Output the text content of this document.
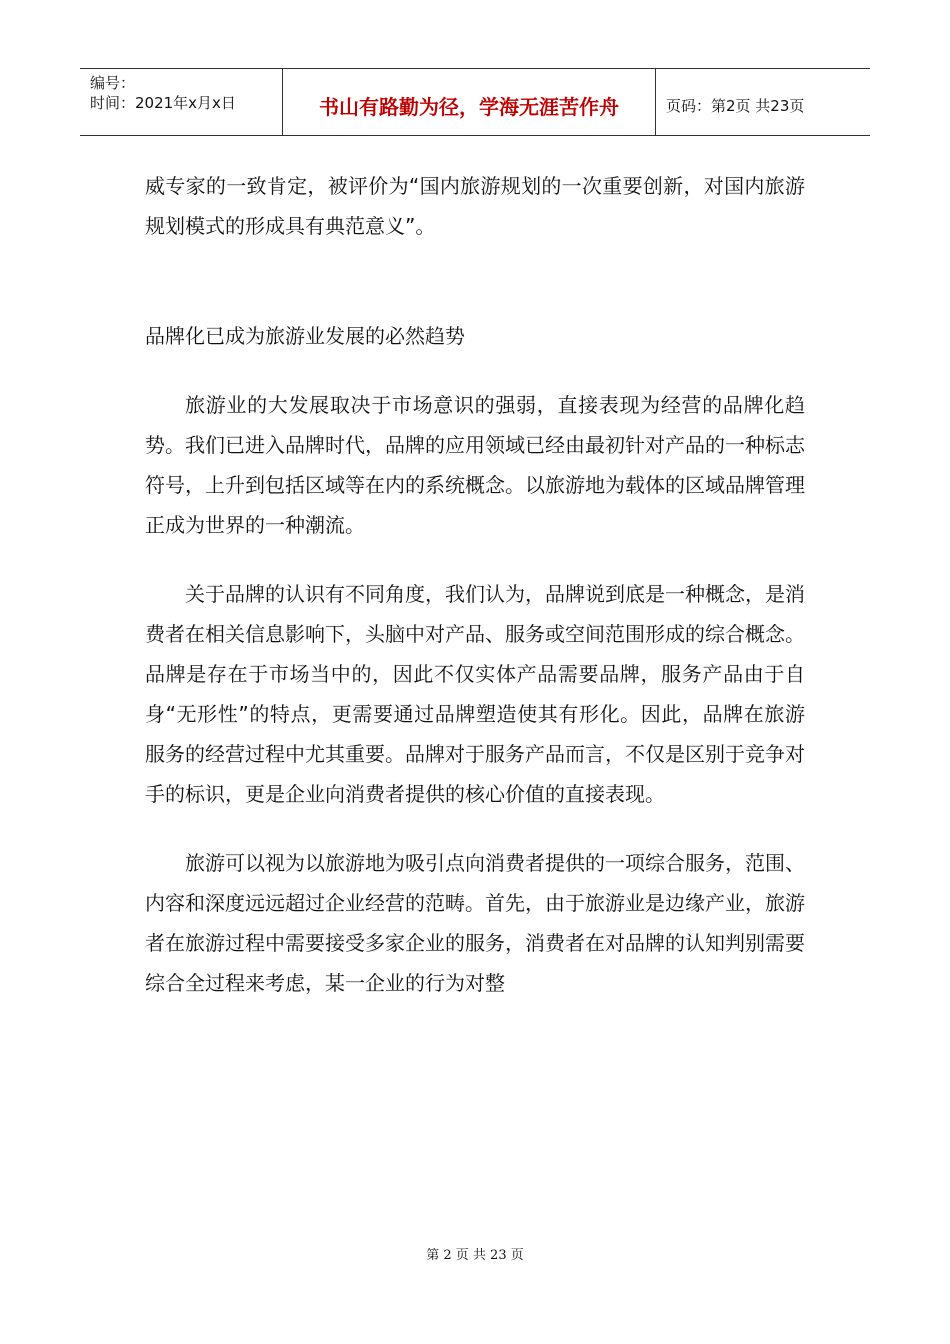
编号：
时间：2021年x月x日	书山有路勤为径，学海无涯苦作舟	页码：第2页 共23页

威专家的一致肯定，被评价为“国内旅游规划的一次重要创新，对国内旅游规划模式的形成具有典范意义”。

品牌化已成为旅游业发展的必然趋势

旅游业的大发展取决于市场意识的强弱，直接表现为经营的品牌化趋势。我们已进入品牌时代，品牌的应用领域已经由最初针对产品的一种标志符号，上升到包括区域等在内的系统概念。以旅游地为载体的区域品牌管理正成为世界的一种潮流。

关于品牌的认识有不同角度，我们认为，品牌说到底是一种概念，是消费者在相关信息影响下，头脑中对产品、服务或空间范围形成的综合概念。品牌是存在于市场当中的，因此不仅实体产品需要品牌，服务产品由于自身“无形性”的特点，更需要通过品牌塑造使其有形化。因此，品牌在旅游服务的经营过程中尤其重要。品牌对于服务产品而言，不仅是区别于竞争对手的标识，更是企业向消费者提供的核心价值的直接表现。

旅游可以视为以旅游地为吸引点向消费者提供的一项综合服务，范围、内容和深度远远超过企业经营的范畴。首先，由于旅游业是边缘产业，旅游者在旅游过程中需要接受多家企业的服务，消费者在对品牌的认知判别需要综合全过程来考虑，某一企业的行为对整

第 2 页 共 23 页
